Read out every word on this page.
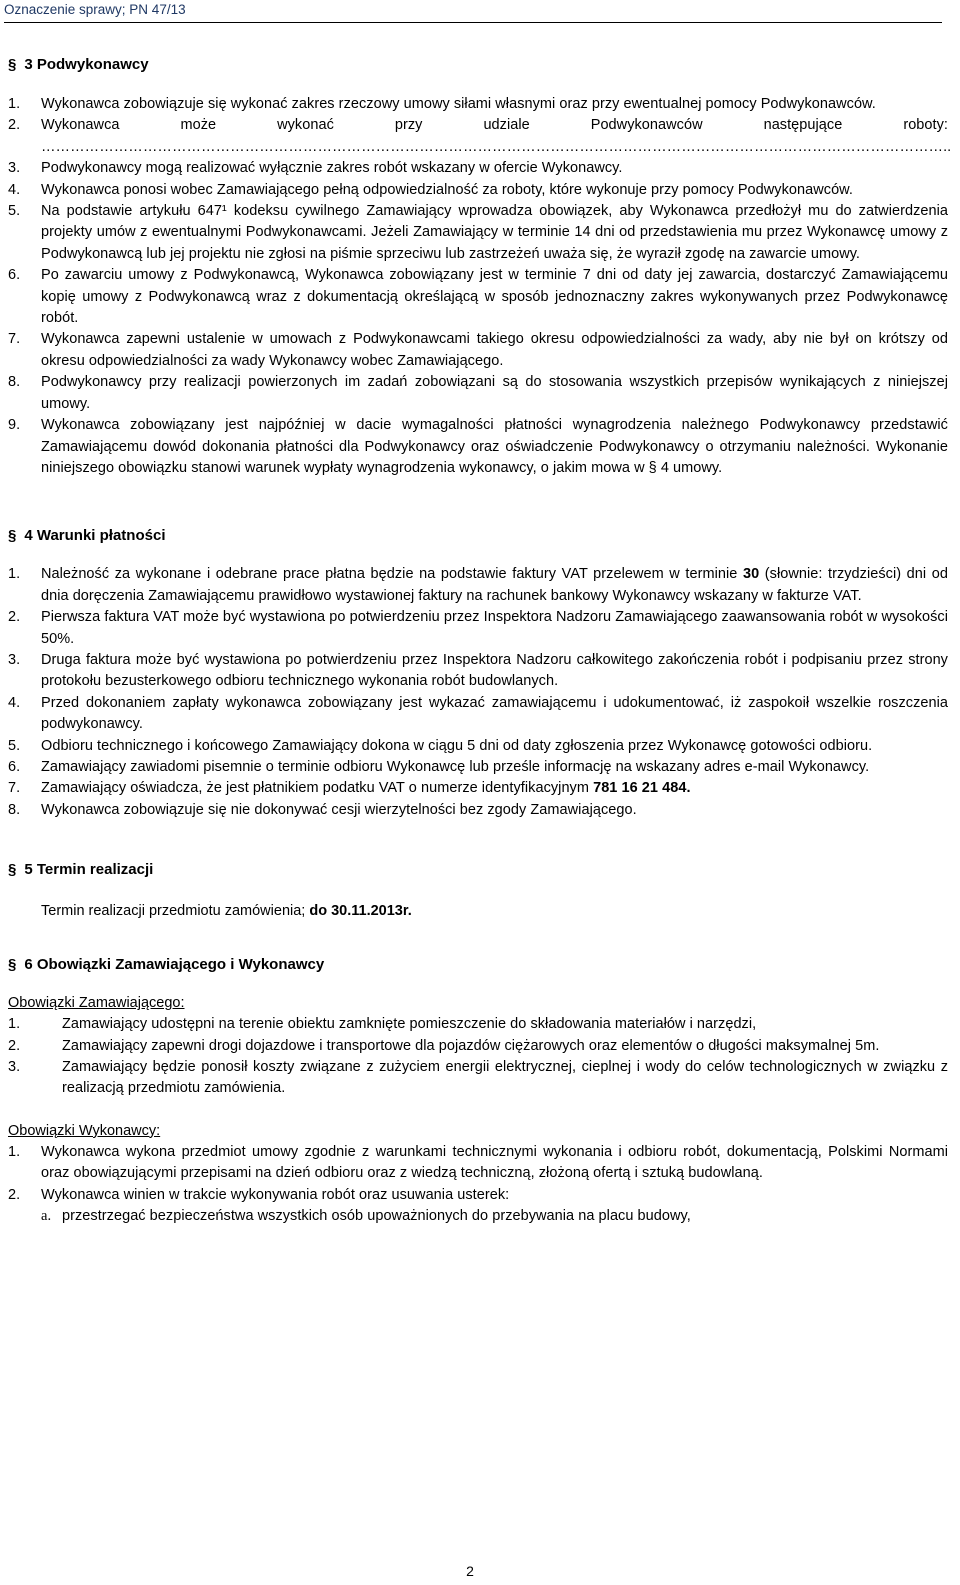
Oznaczenie sprawy; PN 47/13
§ 3 Podwykonawcy
1. Wykonawca zobowiązuje się wykonać zakres rzeczowy umowy siłami własnymi oraz przy ewentualnej pomocy Podwykonawców.
2. Wykonawca może wykonać przy udziale Podwykonawców następujące roboty: ……………………………………………………………………………………………………………………………………………………………………..
3. Podwykonawcy mogą realizować wyłącznie zakres robót wskazany w ofercie Wykonawcy.
4. Wykonawca ponosi wobec Zamawiającego pełną odpowiedzialność za roboty, które wykonuje przy pomocy Podwykonawców.
5. Na podstawie artykułu 647¹ kodeksu cywilnego Zamawiający wprowadza obowiązek, aby Wykonawca przedłożył mu do zatwierdzenia projekty umów z ewentualnymi Podwykonawcami. Jeżeli Zamawiający w terminie 14 dni od przedstawienia mu przez Wykonawcę umowy z Podwykonawcą lub jej projektu nie zgłosi na piśmie sprzeciwu lub zastrzeżeń uważa się, że wyraził zgodę na zawarcie umowy.
6. Po zawarciu umowy z Podwykonawcą, Wykonawca zobowiązany jest w terminie 7 dni od daty jej zawarcia, dostarczyć Zamawiającemu kopię umowy z Podwykonawcą wraz z dokumentacją określającą w sposób jednoznaczny zakres wykonywanych przez Podwykonawcę robót.
7. Wykonawca zapewni ustalenie w umowach z Podwykonawcami takiego okresu odpowiedzialności za wady, aby nie był on krótszy od okresu odpowiedzialności za wady Wykonawcy wobec Zamawiającego.
8. Podwykonawcy przy realizacji powierzonych im zadań zobowiązani są do stosowania wszystkich przepisów wynikających z niniejszej umowy.
9. Wykonawca zobowiązany jest najpóźniej w dacie wymagalności płatności wynagrodzenia należnego Podwykonawcy przedstawić Zamawiającemu dowód dokonania płatności dla Podwykonawcy oraz oświadczenie Podwykonawcy o otrzymaniu należności. Wykonanie niniejszego obowiązku stanowi warunek wypłaty wynagrodzenia wykonawcy, o jakim mowa w § 4 umowy.
§ 4 Warunki płatności
1. Należność za wykonane i odebrane prace płatna będzie na podstawie faktury VAT przelewem w terminie 30 (słownie: trzydzieści) dni od dnia doręczenia Zamawiającemu prawidłowo wystawionej faktury na rachunek bankowy Wykonawcy wskazany w fakturze VAT.
2. Pierwsza faktura VAT może być wystawiona po potwierdzeniu przez Inspektora Nadzoru Zamawiającego zaawansowania robót w wysokości 50%.
3. Druga faktura może być wystawiona po potwierdzeniu przez Inspektora Nadzoru całkowitego zakończenia robót i podpisaniu przez strony protokołu bezusterkowego odbioru technicznego wykonania robót budowlanych.
4. Przed dokonaniem zapłaty wykonawca zobowiązany jest wykazać zamawiającemu i udokumentować, iż zaspokoił wszelkie roszczenia podwykonawcy.
5. Odbioru technicznego i końcowego Zamawiający dokona w ciągu 5 dni od daty zgłoszenia przez Wykonawcę gotowości odbioru.
6. Zamawiający zawiadomi pisemnie o terminie odbioru Wykonawcę lub prześle informację na wskazany adres e-mail Wykonawcy.
7. Zamawiający oświadcza, że jest płatnikiem podatku VAT o numerze identyfikacyjnym 781 16 21 484.
8. Wykonawca zobowiązuje się nie dokonywać cesji wierzytelności bez zgody Zamawiającego.
§ 5 Termin realizacji

Termin realizacji przedmiotu zamówienia; do 30.11.2013r.

§ 6 Obowiązki Zamawiającego i Wykonawcy

Obowiązki Zamawiającego:

1.	Zamawiający udostępni na terenie obiektu zamknięte pomieszczenie do składowania materiałów i narzędzi,
2.	Zamawiający zapewni drogi dojazdowe i transportowe dla pojazdów ciężarowych oraz elementów o długości maksymalnej 5m.
3.	Zamawiający będzie ponosił koszty związane z zużyciem energii elektrycznej, cieplnej i wody do celów technologicznych w związku z realizacją przedmiotu zamówienia.

Obowiązki Wykonawcy:

1. Wykonawca wykona przedmiot umowy zgodnie z warunkami technicznymi wykonania i odbioru robót, dokumentacją, Polskimi Normami oraz obowiązującymi przepisami na dzień odbioru oraz z wiedzą techniczną, złożoną ofertą i sztuką budowlaną.
2. Wykonawca winien w trakcie wykonywania robót oraz usuwania usterek:
a. przestrzegać bezpieczeństwa wszystkich osób upoważnionych do przebywania na placu budowy,
2
